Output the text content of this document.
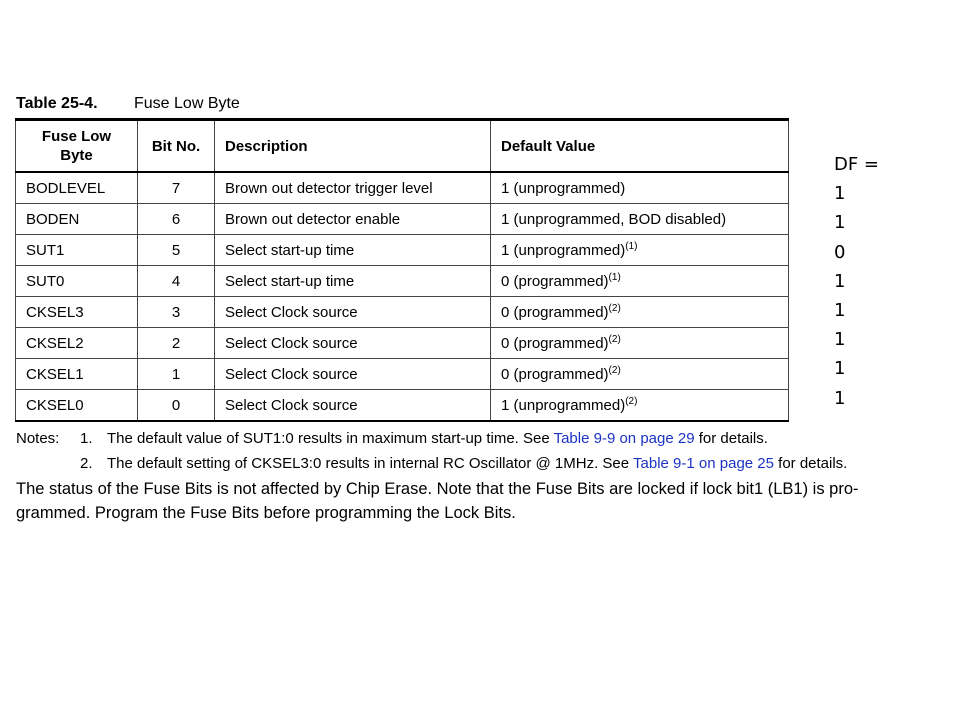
Table 25-4. Fuse Low Byte
Fuse Low
Byte	Bit No.	Description	Default Value
BODLEVEL	7	Brown out detector trigger level	1 (unprogrammed)
BODEN	6	Brown out detector enable	1 (unprogrammed, BOD disabled)
SUT1	5	Select start-up time	1 (unprogrammed)$^{(1)}$
SUT0	4	Select start-up time	0 (programmed)$^{(1)}$
CKSEL3	3	Select Clock source	0 (programmed)$^{(2)}$
CKSEL2	2	Select Clock source	0 (programmed)$^{(2)}$
CKSEL1	1	Select Clock source	0 (programmed)$^{(2)}$
CKSEL0	0	Select Clock source	1 (unprogrammed)$^{(2)}$
Notes: 1. The default value of SUT1:0 results in maximum start-up time. See Table 9-9 on page 29 for details.
2. The default setting of CKSEL3:0 results in internal RC Oscillator @ 1MHz. See Table 9-1 on page 25 for details.
The status of the Fuse Bits is not affected by Chip Erase. Note that the Fuse Bits are locked if lock bit1 (LB1) is pro-
grammed. Program the Fuse Bits before programming the Lock Bits.
DF =
1
1
0
1
1
1
1
1
